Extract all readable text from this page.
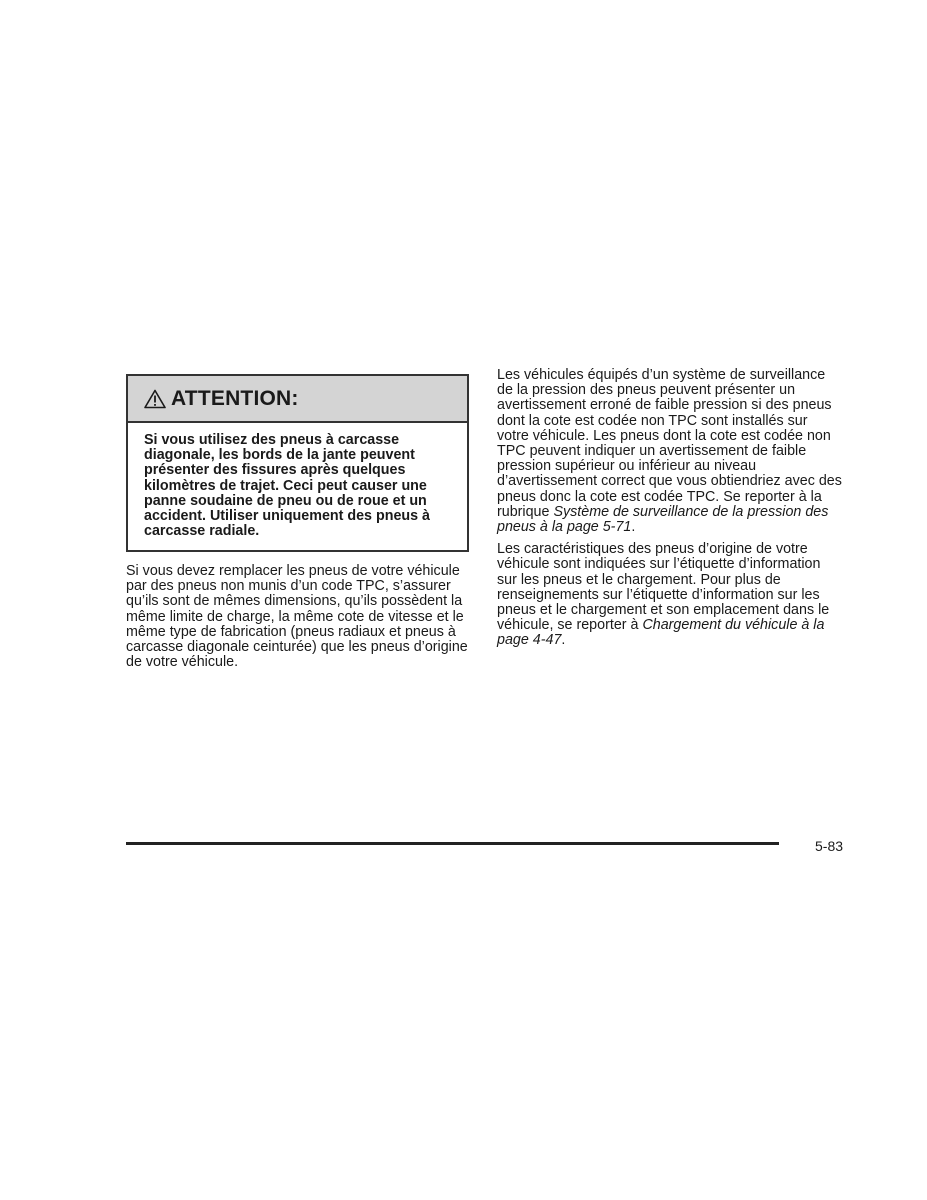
ATTENTION:
Si vous utilisez des pneus à carcasse diagonale, les bords de la jante peuvent présenter des fissures après quelques kilomètres de trajet. Ceci peut causer une panne soudaine de pneu ou de roue et un accident. Utiliser uniquement des pneus à carcasse radiale.

Si vous devez remplacer les pneus de votre véhicule par des pneus non munis d’un code TPC, s’assurer qu’ils sont de mêmes dimensions, qu’ils possèdent la même limite de charge, la même cote de vitesse et le même type de fabrication (pneus radiaux et pneus à carcasse diagonale ceinturée) que les pneus d’origine de votre véhicule.

Les véhicules équipés d’un système de surveillance de la pression des pneus peuvent présenter un avertissement erroné de faible pression si des pneus dont la cote est codée non TPC sont installés sur votre véhicule. Les pneus dont la cote est codée non TPC peuvent indiquer un avertissement de faible pression supérieur ou inférieur au niveau d’avertissement correct que vous obtiendriez avec des pneus donc la cote est codée TPC. Se reporter à la rubrique Système de surveillance de la pression des pneus à la page 5-71.

Les caractéristiques des pneus d’origine de votre véhicule sont indiquées sur l’étiquette d’information sur les pneus et le chargement. Pour plus de renseignements sur l’étiquette d’information sur les pneus et le chargement et son emplacement dans le véhicule, se reporter à Chargement du véhicule à la page 4-47.

5-83
